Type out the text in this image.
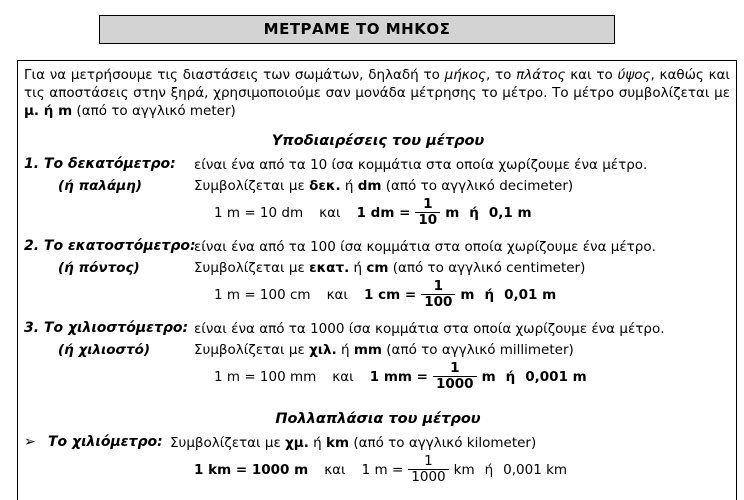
ΜΕΤΡΑΜΕ ΤΟ ΜΗΚΟΣ
Για να μετρήσουμε τις διαστάσεις των σωμάτων, δηλαδή το μήκος, το πλάτος και το ύψος, καθώς και τις αποστάσεις στην ξηρά, χρησιμοποιούμε σαν μονάδα μέτρησης το μέτρο. Το μέτρο συμβολίζεται με μ. ή m (από το αγγλικό meter)
Υποδιαιρέσεις του μέτρου
1. Το δεκατόμετρο: είναι ένα από τα 10 ίσα κομμάτια στα οποία χωρίζουμε ένα μέτρο.
(ή παλάμη)	Συμβολίζεται με δεκ. ή dm (από το αγγλικό decimeter)
1 m = 10 dm και 1 dm = $\frac{1}{10}$ m ή 0,1 m
2. Το εκατοστόμετρο:
είναι ένα από τα 100 ίσα κομμάτια στα οποία χωρίζουμε ένα μέτρο.
(ή πόντος)	Συμβολίζεται με εκατ. ή cm (από το αγγλικό centimeter)
1 m = 100 cm και 1 cm = $\frac{1}{100}$ m ή 0,01 m
3. Το χιλιοστόμετρο: είναι ένα από τα 1000 ίσα κομμάτια στα οποία χωρίζουμε ένα μέτρο.
(ή χιλιοστό)	Συμβολίζεται με χιλ. ή mm (από το αγγλικό millimeter)
1 m = 100 mm και 1 mm = $\frac{1}{1000}$ m ή 0,001 m
Πολλαπλάσια του μέτρου
➢ Το χιλιόμετρο: Συμβολίζεται με χμ. ή km (από το αγγλικό kilometer)
1 km = 1000 m και 1 $m = \frac{1}{1000}$ km ή 0,001 km
